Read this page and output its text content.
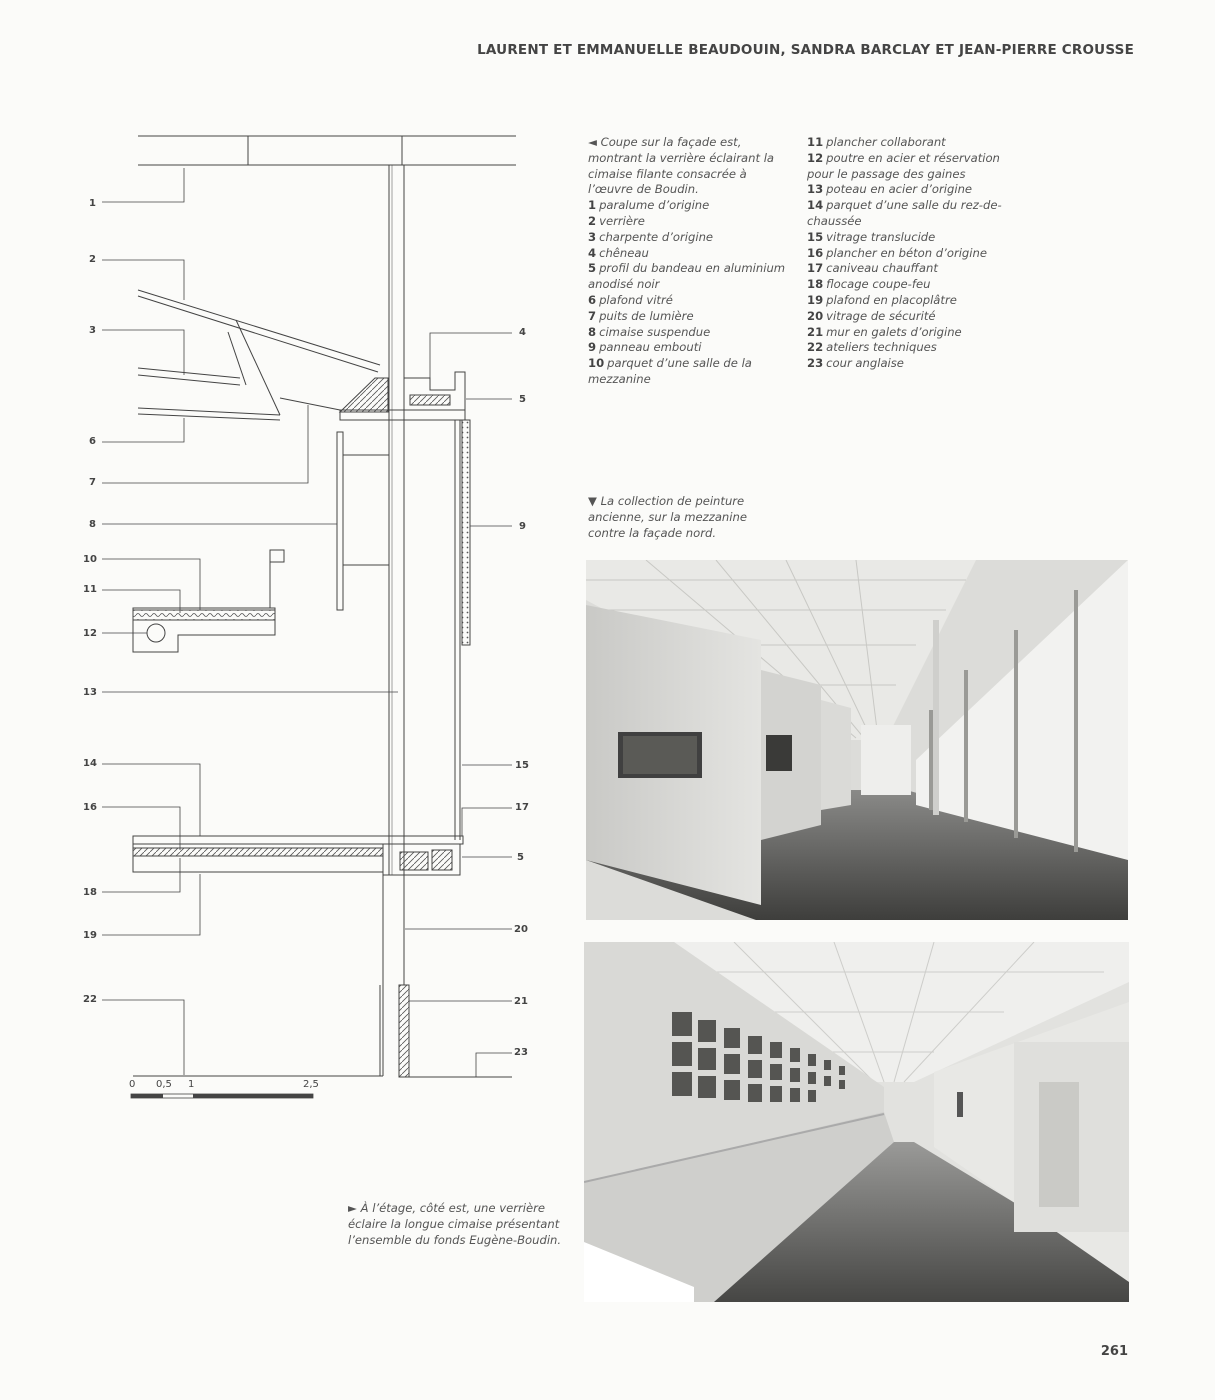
LAURENT ET EMMANUELLE BEAUDOUIN, SANDRA BARCLAY ET JEAN-PIERRE CROUSSE
1
2
3
6
7
8
10
11
12
13
14
16
18
19
22
4
5
9
15
17
5
20
21
23
0 0,5 1	2,5
◄ Coupe sur la façade est, montrant la verrière éclairant la cimaise filante consacrée à l’œuvre de Boudin.
1 paralume d’origine
2 verrière
3 charpente d’origine
4 chêneau
5 profil du bandeau en aluminium anodisé noir
6 plafond vitré
7 puits de lumière
8 cimaise suspendue
9 panneau embouti
10 parquet d’une salle de la mezzanine
11 plancher collaborant
12 poutre en acier et réservation pour le passage des gaines
13 poteau en acier d’origine
14 parquet d’une salle du rez-de-chaussée
15 vitrage translucide
16 plancher en béton d’origine
17 caniveau chauffant
18 flocage coupe-feu
19 plafond en placoplâtre
20 vitrage de sécurité
21 mur en galets d’origine
22 ateliers techniques
23 cour anglaise
▼ La collection de peinture ancienne, sur la mezzanine contre la façade nord.
► À l’étage, côté est, une verrière éclaire la longue cimaise présentant l’ensemble du fonds Eugène-Boudin.
261
